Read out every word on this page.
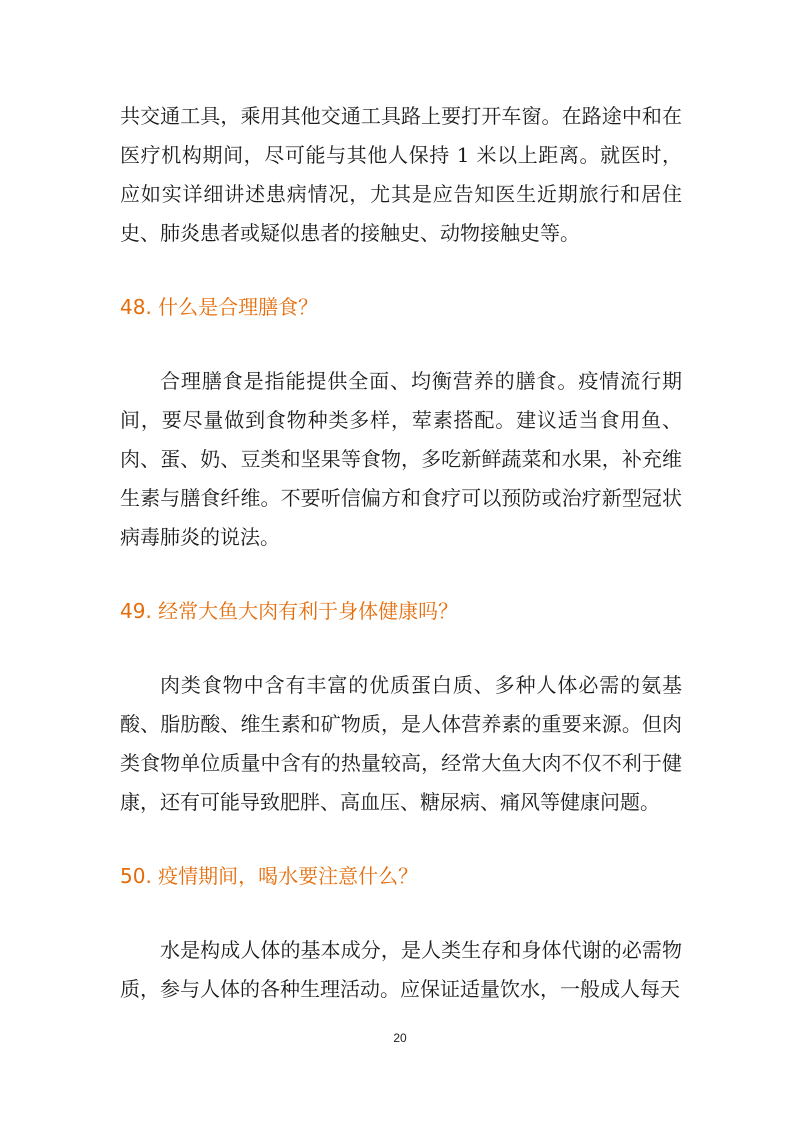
共交通工具，乘用其他交通工具路上要打开车窗。在路途中和在医疗机构期间，尽可能与其他人保持 1 米以上距离。就医时，应如实详细讲述患病情况，尤其是应告知医生近期旅行和居住史、肺炎患者或疑似患者的接触史、动物接触史等。

48. 什么是合理膳食？

合理膳食是指能提供全面、均衡营养的膳食。疫情流行期间，要尽量做到食物种类多样，荤素搭配。建议适当食用鱼、肉、蛋、奶、豆类和坚果等食物，多吃新鲜蔬菜和水果，补充维生素与膳食纤维。不要听信偏方和食疗可以预防或治疗新型冠状病毒肺炎的说法。

49. 经常大鱼大肉有利于身体健康吗？

肉类食物中含有丰富的优质蛋白质、多种人体必需的氨基酸、脂肪酸、维生素和矿物质，是人体营养素的重要来源。但肉类食物单位质量中含有的热量较高，经常大鱼大肉不仅不利于健康，还有可能导致肥胖、高血压、糖尿病、痛风等健康问题。

50. 疫情期间，喝水要注意什么？

水是构成人体的基本成分，是人类生存和身体代谢的必需物质，参与人体的各种生理活动。应保证适量饮水，一般成人每天

20
